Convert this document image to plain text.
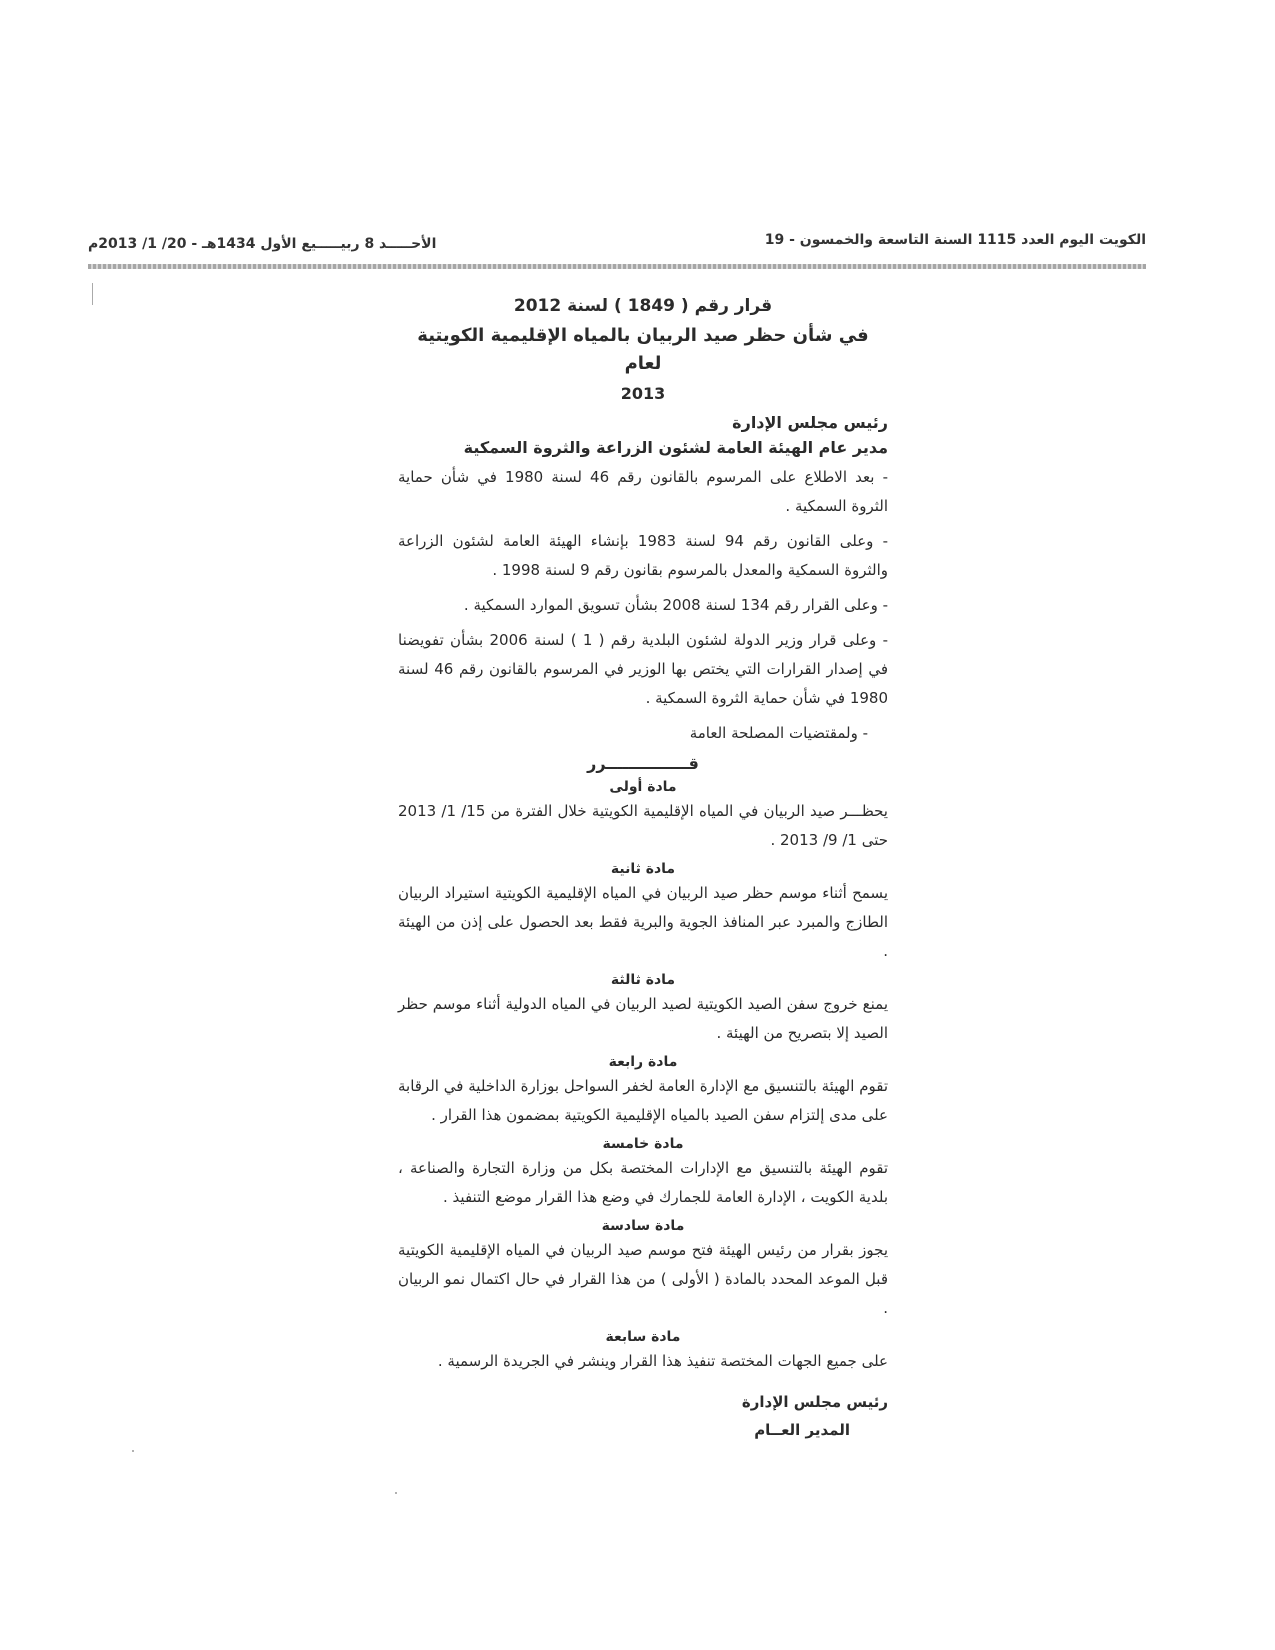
الأحـــــد 8 ربيـــــيع الأول 1434هـ - 20/ 1/ 2013م	الكويت اليوم العدد 1115 السنة التاسعة والخمسون - 19
قرار رقم ( 1849 ) لسنة 2012
في شأن حظر صيد الربيان بالمياه الإقليمية الكويتية لعام
2013
رئيس مجلس الإدارة
مدير عام الهيئة العامة لشئون الزراعة والثروة السمكية
- بعد الاطلاع على المرسوم بالقانون رقم 46 لسنة 1980 في شأن حماية الثروة السمكية .
- وعلى القانون رقم 94 لسنة 1983 بإنشاء الهيئة العامة لشئون الزراعة والثروة السمكية والمعدل بالمرسوم بقانون رقم 9 لسنة 1998 .
- وعلى القرار رقم 134 لسنة 2008 بشأن تسويق الموارد السمكية .
- وعلى قرار وزير الدولة لشئون البلدية رقم ( 1 ) لسنة 2006 بشأن تفويضنا في إصدار القرارات التي يختص بها الوزير في المرسوم بالقانون رقم 46 لسنة 1980 في شأن حماية الثروة السمكية .
- ولمقتضيات المصلحة العامة
قـــــــــــــــرر
مادة أولى
يحظـــر صيد الربيان في المياه الإقليمية الكويتية خلال الفترة من 15/ 1/ 2013 حتى 1/ 9/ 2013 .
مادة ثانية
يسمح أثناء موسم حظر صيد الربيان في المياه الإقليمية الكويتية استيراد الربيان الطازج والمبرد عبر المنافذ الجوية والبرية فقط بعد الحصول على إذن من الهيئة .
مادة ثالثة
يمنع خروج سفن الصيد الكويتية لصيد الربيان في المياه الدولية أثناء موسم حظر الصيد إلا بتصريح من الهيئة .
مادة رابعة
تقوم الهيئة بالتنسيق مع الإدارة العامة لخفر السواحل بوزارة الداخلية في الرقابة على مدى إلتزام سفن الصيد بالمياه الإقليمية الكويتية بمضمون هذا القرار .
مادة خامسة
تقوم الهيئة بالتنسيق مع الإدارات المختصة بكل من وزارة التجارة والصناعة ، بلدية الكويت ، الإدارة العامة للجمارك في وضع هذا القرار موضع التنفيذ .
مادة سادسة
يجوز بقرار من رئيس الهيئة فتح موسم صيد الربيان في المياه الإقليمية الكويتية قبل الموعد المحدد بالمادة ( الأولى ) من هذا القرار في حال اكتمال نمو الربيان .
مادة سابعة
على جميع الجهات المختصة تنفيذ هذا القرار وينشر في الجريدة الرسمية .
رئيس مجلس الإدارة
المدير العــام
